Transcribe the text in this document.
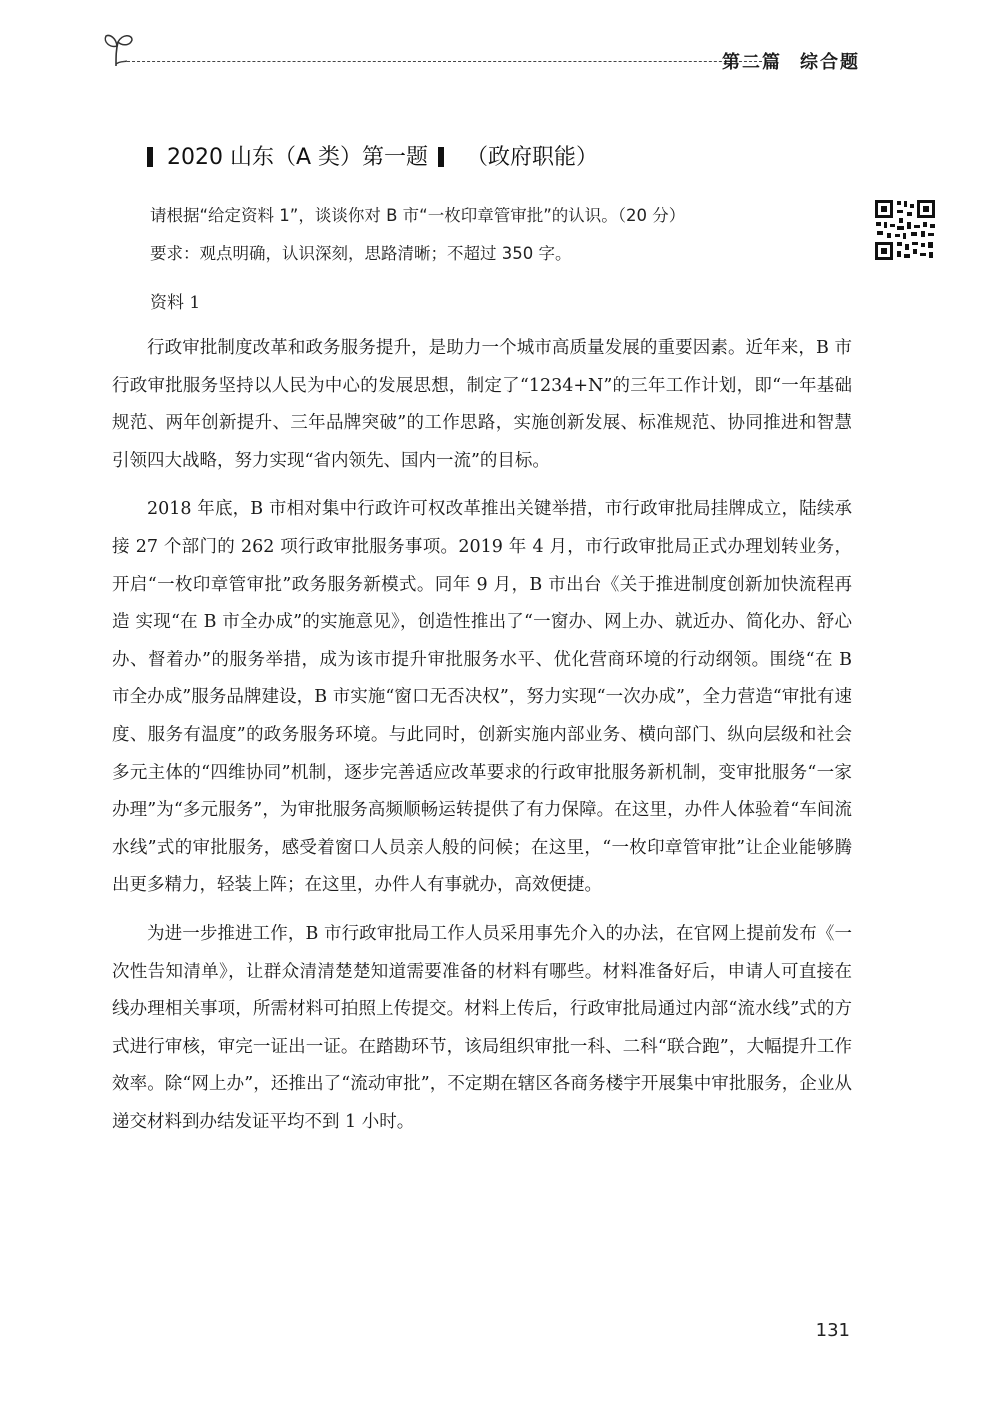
第二篇 综合题
2020 山东（A 类）第一题 （政府职能）
请根据“给定资料 1”，谈谈你对 B 市“一枚印章管审批”的认识。（20 分）
要求：观点明确，认识深刻，思路清晰；不超过 350 字。
资料 1

行政审批制度改革和政务服务提升，是助力一个城市高质量发展的重要因素。近年来，B 市行政审批服务坚持以人民为中心的发展思想，制定了“1234+N”的三年工作计划，即“一年基础规范、两年创新提升、三年品牌突破”的工作思路，实施创新发展、标准规范、协同推进和智慧引领四大战略，努力实现“省内领先、国内一流”的目标。

2018 年底，B 市相对集中行政许可权改革推出关键举措，市行政审批局挂牌成立，陆续承接 27 个部门的 262 项行政审批服务事项。2019 年 4 月，市行政审批局正式办理划转业务，开启“一枚印章管审批”政务服务新模式。同年 9 月，B 市出台《关于推进制度创新加快流程再造 实现“在 B 市全办成”的实施意见》，创造性推出了“一窗办、网上办、就近办、简化办、舒心办、督着办”的服务举措，成为该市提升审批服务水平、优化营商环境的行动纲领。围绕“在 B 市全办成”服务品牌建设，B 市实施“窗口无否决权”，努力实现“一次办成”，全力营造“审批有速度、服务有温度”的政务服务环境。与此同时，创新实施内部业务、横向部门、纵向层级和社会多元主体的“四维协同”机制，逐步完善适应改革要求的行政审批服务新机制，变审批服务“一家办理”为“多元服务”，为审批服务高频顺畅运转提供了有力保障。在这里，办件人体验着“车间流水线”式的审批服务，感受着窗口人员亲人般的问候；在这里，“一枚印章管审批”让企业能够腾出更多精力，轻装上阵；在这里，办件人有事就办，高效便捷。

为进一步推进工作，B 市行政审批局工作人员采用事先介入的办法，在官网上提前发布《一次性告知清单》，让群众清清楚楚知道需要准备的材料有哪些。材料准备好后，申请人可直接在线办理相关事项，所需材料可拍照上传提交。材料上传后，行政审批局通过内部“流水线”式的方式进行审核，审完一证出一证。在踏勘环节，该局组织审批一科、二科“联合跑”，大幅提升工作效率。除“网上办”，还推出了“流动审批”，不定期在辖区各商务楼宇开展集中审批服务，企业从递交材料到办结发证平均不到 1 小时。

131
